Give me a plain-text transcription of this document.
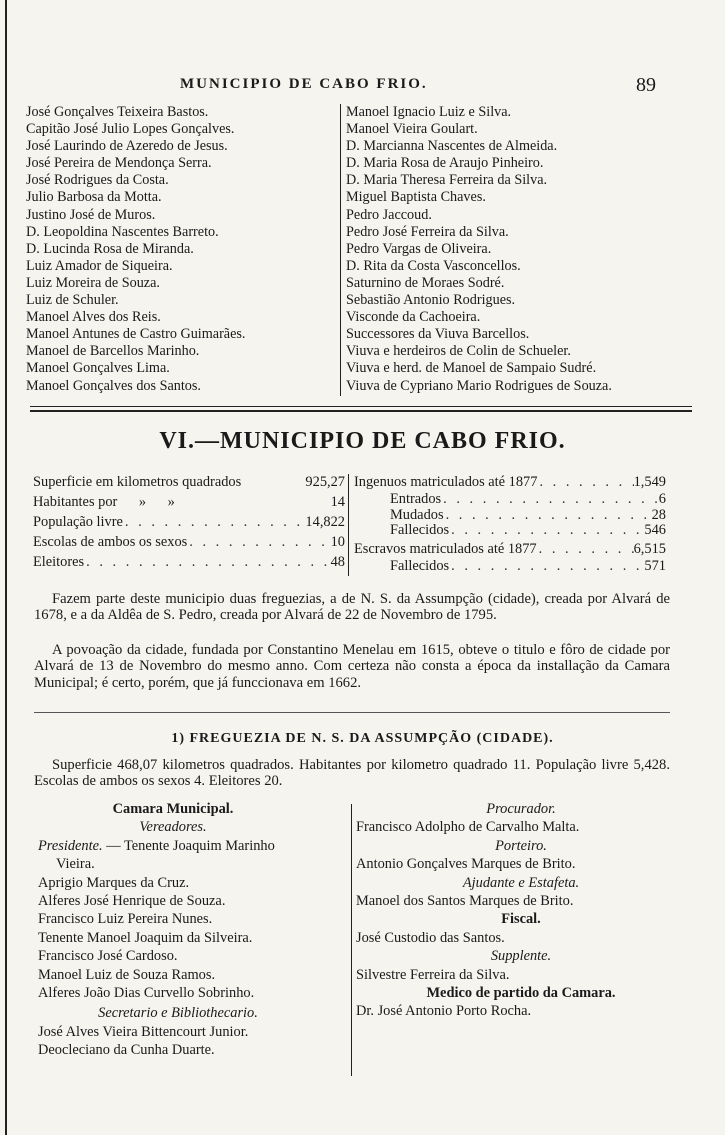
MUNICIPIO DE CABO FRIO.	89
José Gonçalves Teixeira Bastos.
Capitão José Julio Lopes Gonçalves.
José Laurindo de Azeredo de Jesus.
José Pereira de Mendonça Serra.
José Rodrigues da Costa.
Julio Barbosa da Motta.
Justino José de Muros.
D. Leopoldina Nascentes Barreto.
D. Lucinda Rosa de Miranda.
Luiz Amador de Siqueira.
Luiz Moreira de Souza.
Luiz de Schuler.
Manoel Alves dos Reis.
Manoel Antunes de Castro Guimarães.
Manoel de Barcellos Marinho.
Manoel Gonçalves Lima.
Manoel Gonçalves dos Santos.
Manoel Ignacio Luiz e Silva.
Manoel Vieira Goulart.
D. Marcianna Nascentes de Almeida.
D. Maria Rosa de Araujo Pinheiro.
D. Maria Theresa Ferreira da Silva.
Miguel Baptista Chaves.
Pedro Jaccoud.
Pedro José Ferreira da Silva.
Pedro Vargas de Oliveira.
D. Rita da Costa Vasconcellos.
Saturnino de Moraes Sodré.
Sebastião Antonio Rodrigues.
Visconde da Cachoeira.
Successores da Viuva Barcellos.
Viuva e herdeiros de Colin de Schueler.
Viuva e herd. de Manoel de Sampaio Sudré.
Viuva de Cypriano Mario Rodrigues de Souza.
VI.—MUNICIPIO DE CABO FRIO.
Superficie em kilometros quadrados	925,27
Habitantes por      »      »	14
População livre . . .	14,822
Escolas de ambos os sexos . . .	10
Eleitores . . .	48
Ingenuos matriculados até 1877 . . .	1,549
Entrados . . .	6
Mudados . . .	28
Fallecidos . . .	546
Escravos matriculados até 1877 . . .	6,515
Fallecidos . . .	571

Fazem parte deste municipio duas freguezias, a de N. S. da Assumpção (cidade), creada por Alvará de 1678, e a da Aldêa de S. Pedro, creada por Alvará de 22 de Novembro de 1795.

A povoação da cidade, fundada por Constantino Menelau em 1615, obteve o titulo e fôro de cidade por Alvará de 13 de Novembro do mesmo anno. Com certeza não consta a época da installação da Camara Municipal; é certo, porém, que já funccionava em 1662.

1) FREGUEZIA DE N. S. DA ASSUMPÇÃO (CIDADE).

Superficie 468,07 kilometros quadrados. Habitantes por kilometro quadrado 11. População livre 5,428. Escolas de ambos os sexos 4. Eleitores 20.

Camara Municipal.
Vereadores.
Presidente. — Tenente Joaquim Marinho
Vieira.
Aprigio Marques da Cruz.
Alferes José Henrique de Souza.
Francisco Luiz Pereira Nunes.
Tenente Manoel Joaquim da Silveira.
Francisco José Cardoso.
Manoel Luiz de Souza Ramos.
Alferes João Dias Curvello Sobrinho.
Secretario e Bibliothecario.
José Alves Vieira Bittencourt Junior.
Deocleciano da Cunha Duarte.
Procurador.
Francisco Adolpho de Carvalho Malta.
Porteiro.
Antonio Gonçalves Marques de Brito.
Ajudante e Estafeta.
Manoel dos Santos Marques de Brito.
Fiscal.
José Custodio das Santos.
Supplente.
Silvestre Ferreira da Silva.
Medico de partido da Camara.
Dr. José Antonio Porto Rocha.
